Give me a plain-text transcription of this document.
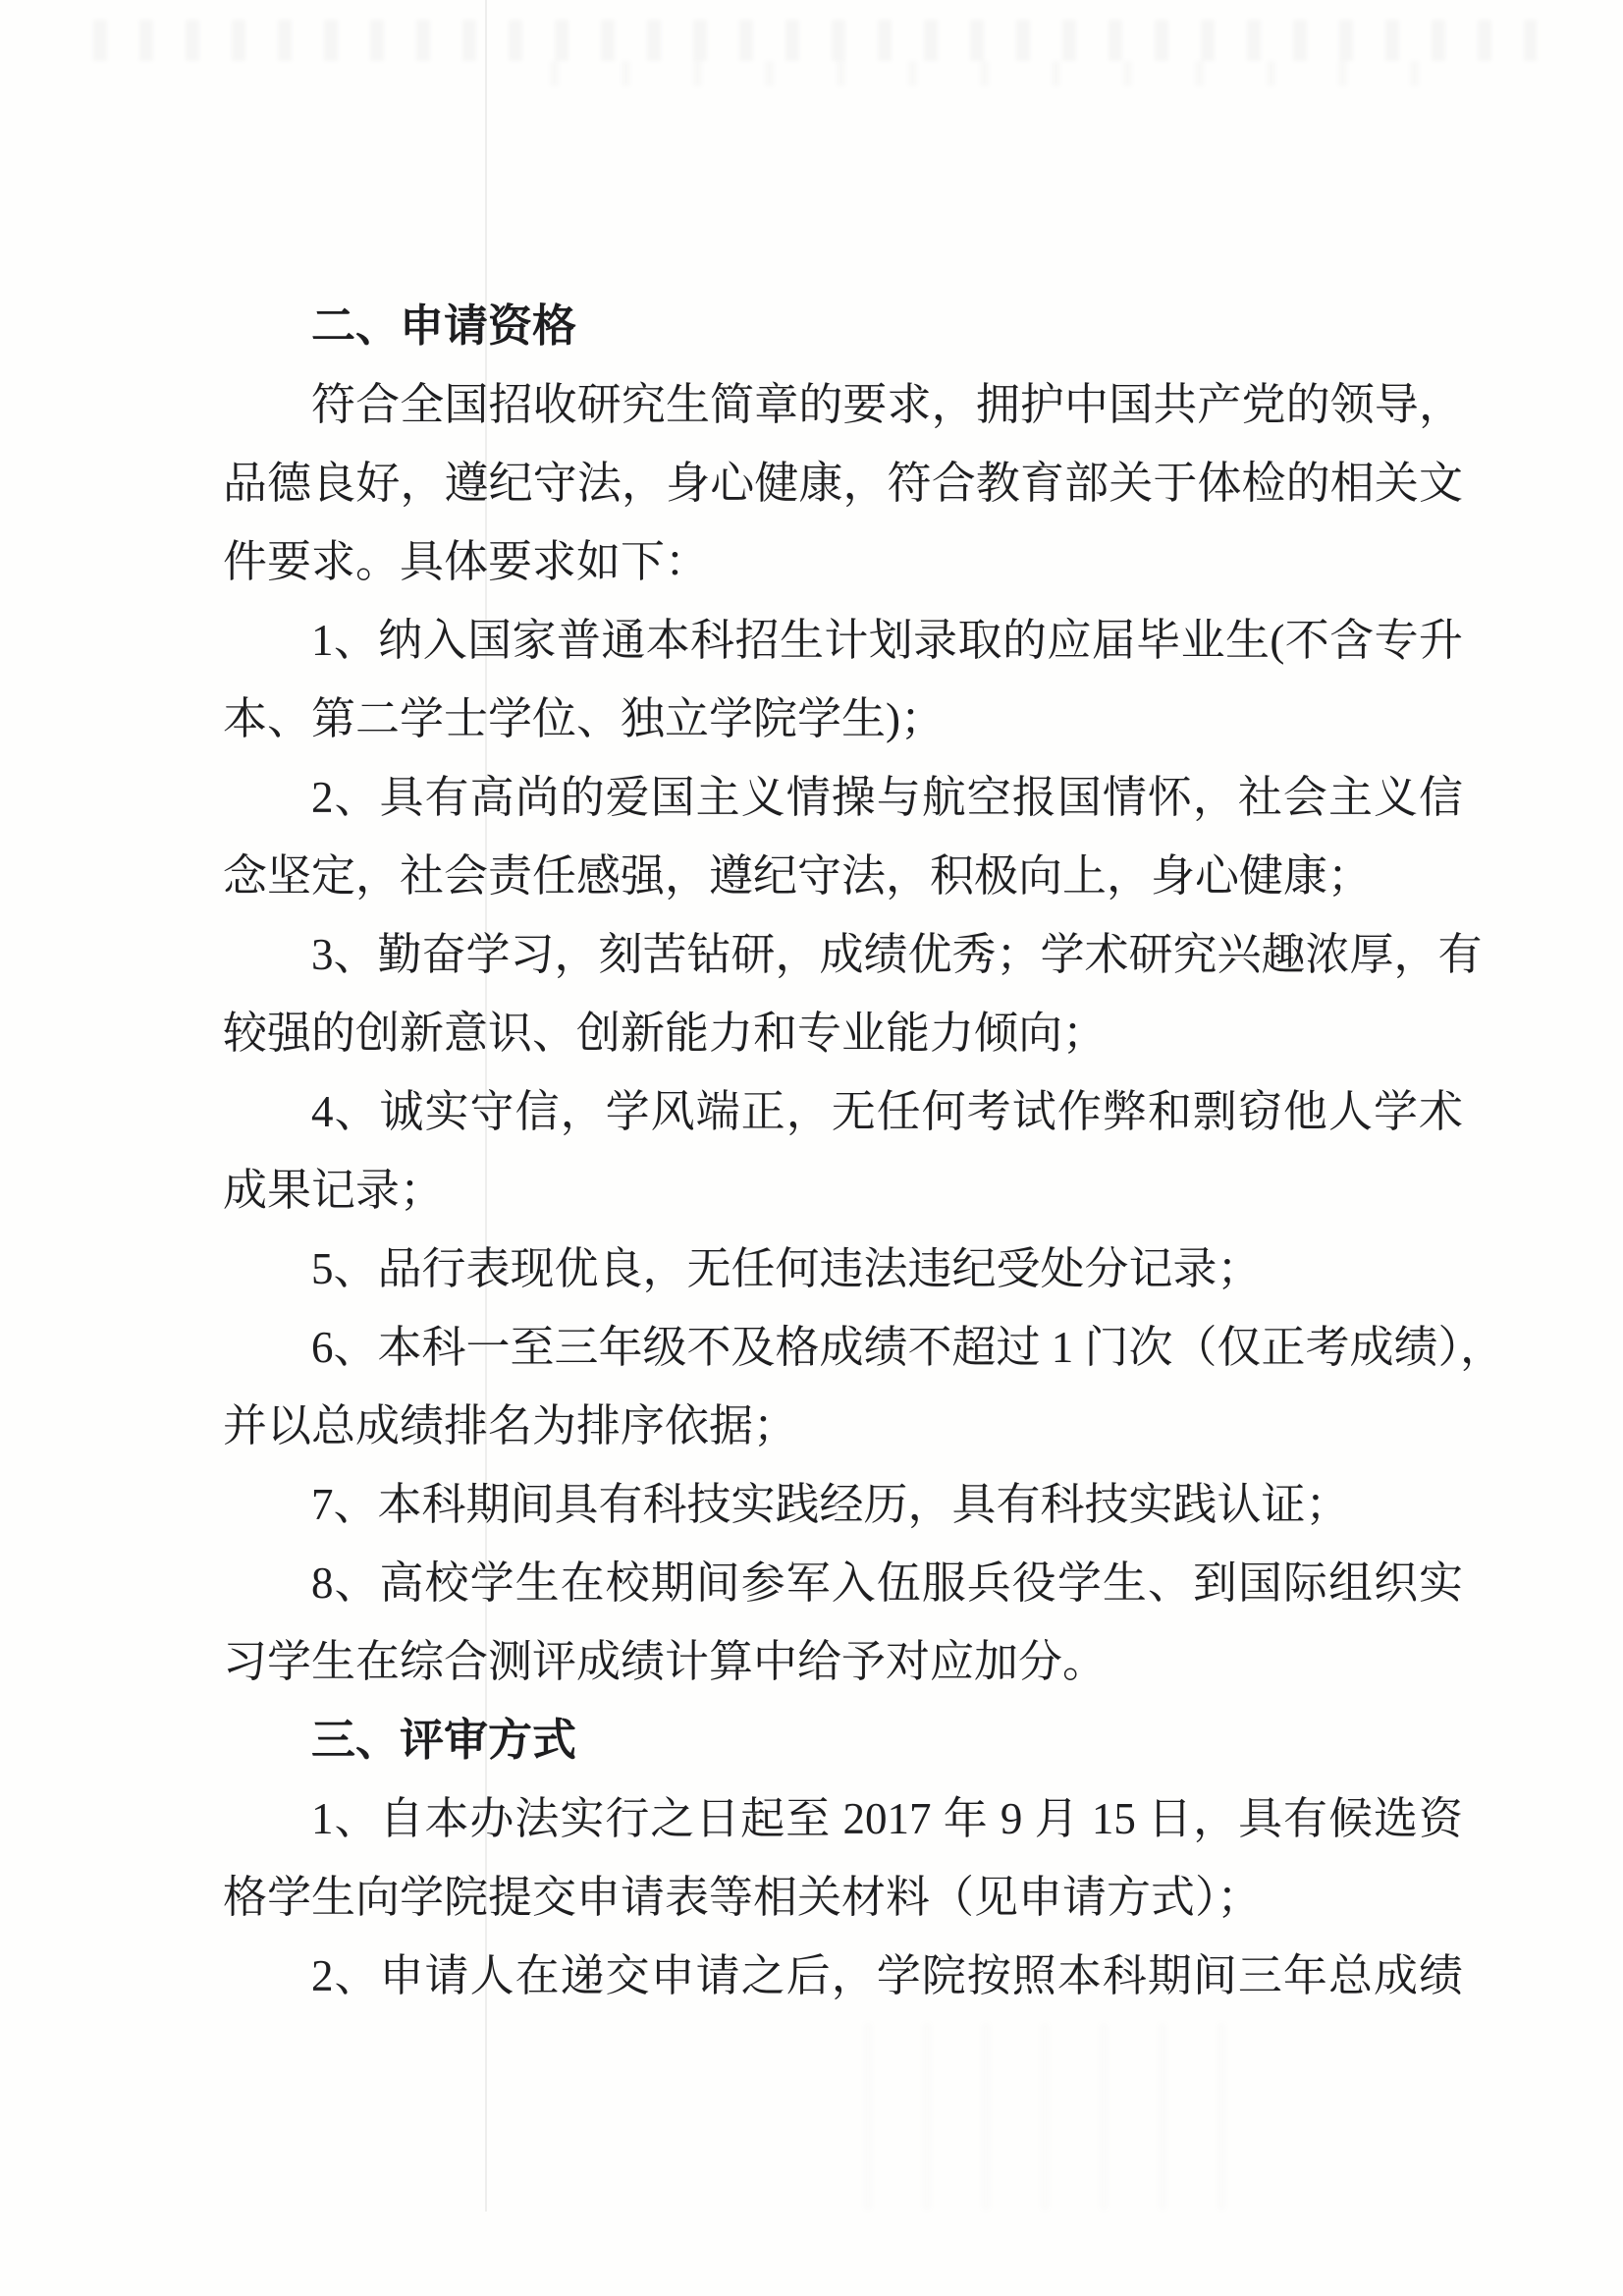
二、申请资格
符合全国招收研究生简章的要求，拥护中国共产党的领导，
品德良好，遵纪守法，身心健康，符合教育部关于体检的相关文
件要求。具体要求如下：
1、纳入国家普通本科招生计划录取的应届毕业生(不含专升
本、第二学士学位、独立学院学生)；
2、具有高尚的爱国主义情操与航空报国情怀，社会主义信
念坚定，社会责任感强，遵纪守法，积极向上，身心健康；
3、勤奋学习，刻苦钻研，成绩优秀；学术研究兴趣浓厚，有
较强的创新意识、创新能力和专业能力倾向；
4、诚实守信，学风端正，无任何考试作弊和剽窃他人学术
成果记录；
5、品行表现优良，无任何违法违纪受处分记录；
6、本科一至三年级不及格成绩不超过 1 门次（仅正考成绩），
并以总成绩排名为排序依据；
7、本科期间具有科技实践经历，具有科技实践认证；
8、高校学生在校期间参军入伍服兵役学生、到国际组织实
习学生在综合测评成绩计算中给予对应加分。
三、评审方式
1、自本办法实行之日起至 2017 年 9 月 15 日，具有候选资
格学生向学院提交申请表等相关材料（见申请方式）；
2、申请人在递交申请之后，学院按照本科期间三年总成绩
